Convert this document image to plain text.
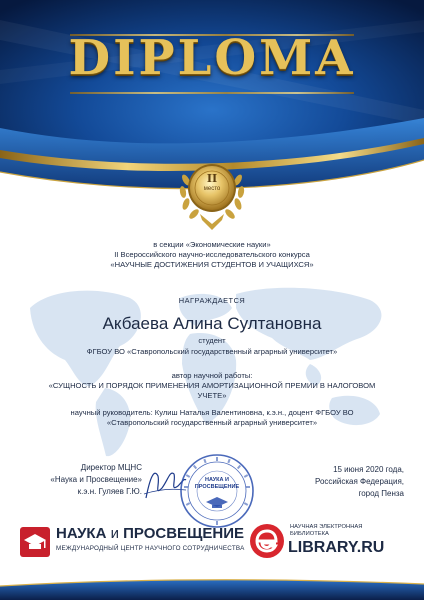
DIPLOMA
II
место
в секции «Экономические науки»
II Всероссийского научно-исследовательского конкурса
«НАУЧНЫЕ ДОСТИЖЕНИЯ СТУДЕНТОВ И УЧАЩИХСЯ»
НАГРАЖДАЕТСЯ
Акбаева Алина Султановна
студент
ФГБОУ ВО «Ставропольский государственный аграрный университет»
автор научной работы:
«СУЩНОСТЬ И ПОРЯДОК ПРИМЕНЕНИЯ АМОРТИЗАЦИОННОЙ ПРЕМИИ В НАЛОГОВОМ УЧЕТЕ»
научный руководитель: Кулиш Наталья Валентиновна, к.э.н., доцент ФГБОУ ВО «Ставропольский государственный аграрный университет»
Директор МЦНС
«Наука и Просвещение»
к.э.н. Гуляев Г.Ю.
НАУКА И
ПРОСВЕЩЕНИЕ
15 июня 2020 года,
Российская Федерация,
город Пенза
НАУКА и ПРОСВЕЩЕНИЕ
МЕЖДУНАРОДНЫЙ ЦЕНТР НАУЧНОГО СОТРУДНИЧЕСТВА
НАУЧНАЯ ЭЛЕКТРОННАЯ
БИБЛИОТЕКА
LIBRARY.RU
